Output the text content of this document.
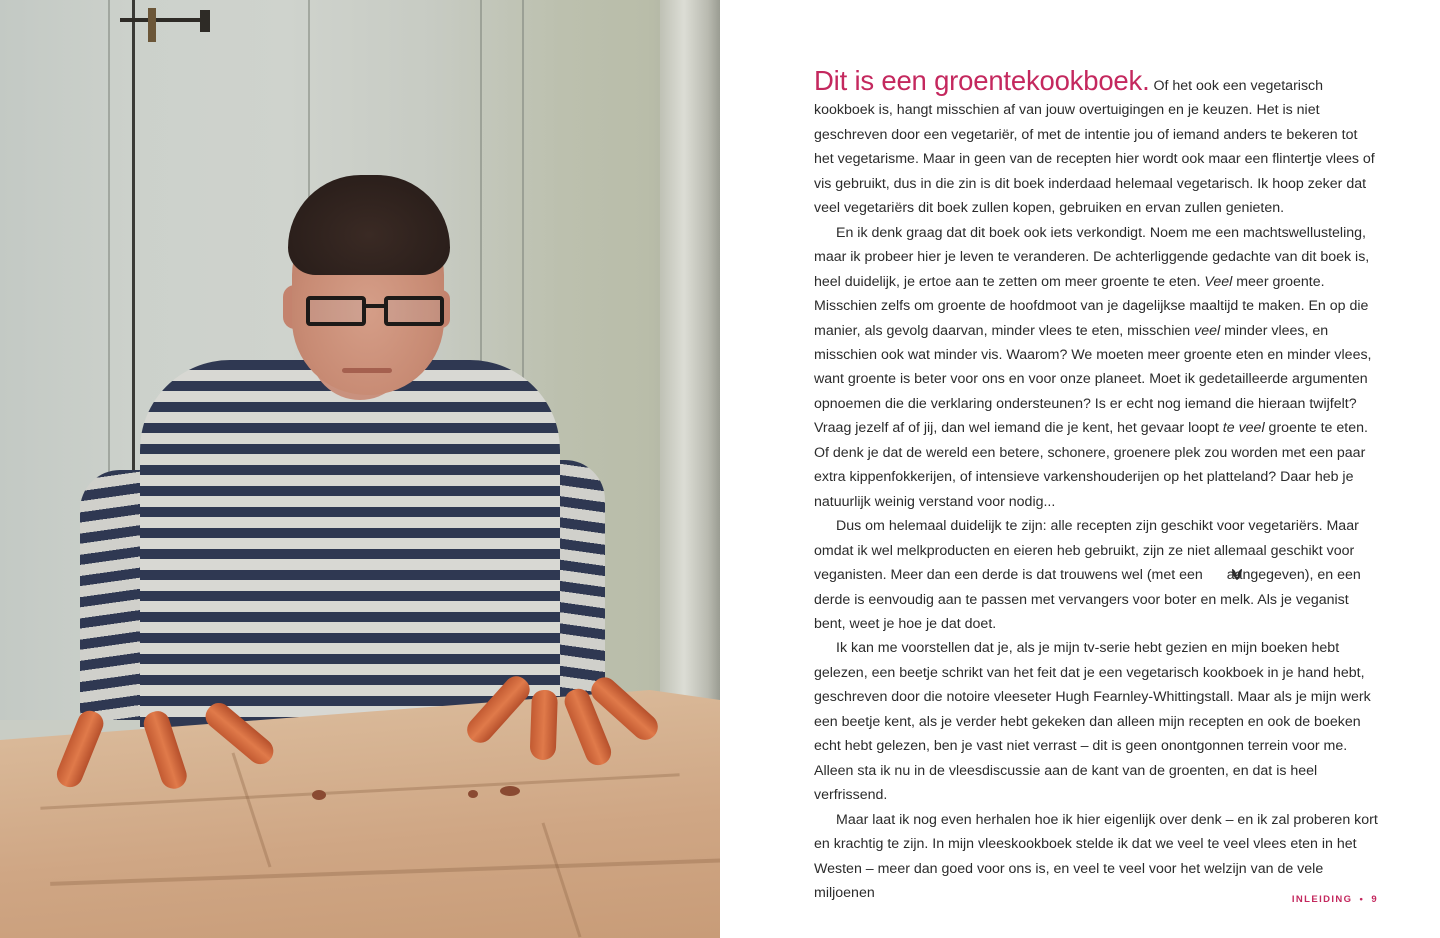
Dit is een groentekookboek. Of het ook een vegetarisch kookboek is, hangt misschien af van jouw overtuigingen en je keuzen. Het is niet geschreven door een vegetariër, of met de intentie jou of iemand anders te bekeren tot het vegetarisme. Maar in geen van de recepten hier wordt ook maar een flintertje vlees of vis gebruikt, dus in die zin is dit boek inderdaad helemaal vegetarisch. Ik hoop zeker dat veel vegetariërs dit boek zullen kopen, gebruiken en ervan zullen genieten.

En ik denk graag dat dit boek ook iets verkondigt. Noem me een machtswellusteling, maar ik probeer hier je leven te veranderen. De achterliggende gedachte van dit boek is, heel duidelijk, je ertoe aan te zetten om meer groente te eten. Veel meer groente. Misschien zelfs om groente de hoofdmoot van je dagelijkse maaltijd te maken. En op die manier, als gevolg daarvan, minder vlees te eten, misschien veel minder vlees, en misschien ook wat minder vis. Waarom? We moeten meer groente eten en minder vlees, want groente is beter voor ons en voor onze planeet. Moet ik gedetailleerde argumenten opnoemen die die verklaring ondersteunen? Is er echt nog iemand die hieraan twijfelt? Vraag jezelf af of jij, dan wel iemand die je kent, het gevaar loopt te veel groente te eten. Of denk je dat de wereld een betere, schonere, groenere plek zou worden met een paar extra kippenfokkerijen, of intensieve varkenshouderijen op het platteland? Daar heb je natuurlijk weinig verstand voor nodig...

Dus om helemaal duidelijk te zijn: alle recepten zijn geschikt voor vegetariërs. Maar omdat ik wel melkproducten en eieren heb gebruikt, zijn ze niet allemaal geschikt voor veganisten. Meer dan een derde is dat trouwens wel (met een  aangegeven), en een derde is eenvoudig aan te passen met vervangers voor boter en melk. Als je veganist bent, weet je hoe je dat doet.

Ik kan me voorstellen dat je, als je mijn tv-serie hebt gezien en mijn boeken hebt gelezen, een beetje schrikt van het feit dat je een vegetarisch kookboek in je hand hebt, geschreven door die notoire vleeseter Hugh Fearnley-Whittingstall. Maar als je mijn werk een beetje kent, als je verder hebt gekeken dan alleen mijn recepten en ook de boeken echt hebt gelezen, ben je vast niet verrast – dit is geen onontgonnen terrein voor me. Alleen sta ik nu in de vleesdiscussie aan de kant van de groenten, en dat is heel verfrissend.

Maar laat ik nog even herhalen hoe ik hier eigenlijk over denk – en ik zal proberen kort en krachtig te zijn. In mijn vleeskookboek stelde ik dat we veel te veel vlees eten in het Westen – meer dan goed voor ons is, en veel te veel voor het welzijn van de vele miljoenen	INLEIDING • 9
